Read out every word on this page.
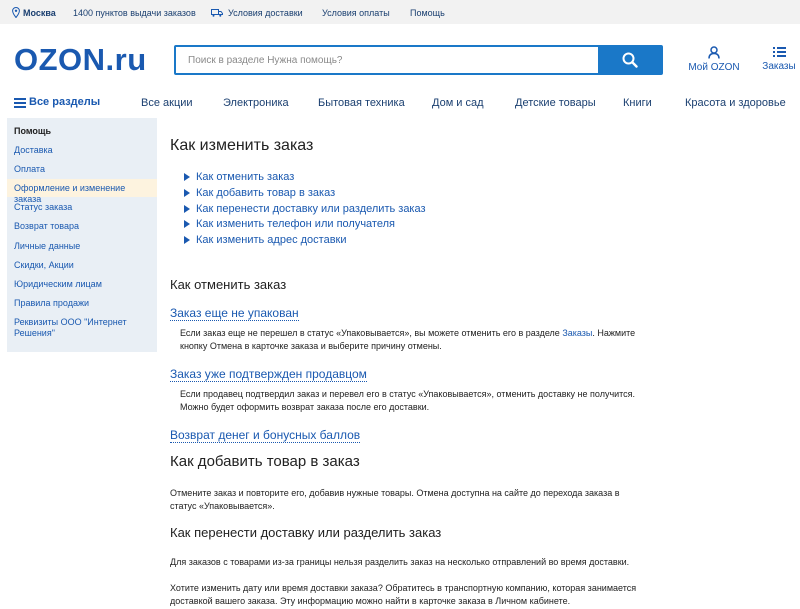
Москва 1400 пунктов выдачи заказов	Условия доставки Условия оплаты Помощь
OZON.ru
Поиск в разделе Нужна помощь?	Мой OZON	Заказы
Все разделы	Все акции	Электроника	Бытовая техника Дом и сад	Детские товары Книги	Красота и здоровье
Помощь
Доставка
Оплата
Оформление и изменение заказа
Статус заказа
Возврат товара
Личные данные
Скидки, Акции
Юридическим лицам
Правила продажи
Реквизиты ООО "Интернет Решения"
Как изменить заказ
Как отменить заказ
Как добавить товар в заказ
Как перенести доставку или разделить заказ
Как изменить телефон или получателя
Как изменить адрес доставки
Как отменить заказ
Заказ еще не упакован
Если заказ еще не перешел в статус «Упаковывается», вы можете отменить его в разделе Заказы. Нажмите кнопку Отмена в карточке заказа и выберите причину отмены.
Заказ уже подтвержден продавцом
Если продавец подтвердил заказ и перевел его в статус «Упаковывается», отменить доставку не получится. Можно будет оформить возврат заказа после его доставки.
Возврат денег и бонусных баллов
Как добавить товар в заказ
Отмените заказ и повторите его, добавив нужные товары. Отмена доступна на сайте до перехода заказа в статус «Упаковывается».
Как перенести доставку или разделить заказ
Для заказов с товарами из-за границы нельзя разделить заказ на несколько отправлений во время доставки.
Хотите изменить дату или время доставки заказа? Обратитесь в транспортную компанию, которая занимается доставкой вашего заказа. Эту информацию можно найти в карточке заказа в Личном кабинете.
